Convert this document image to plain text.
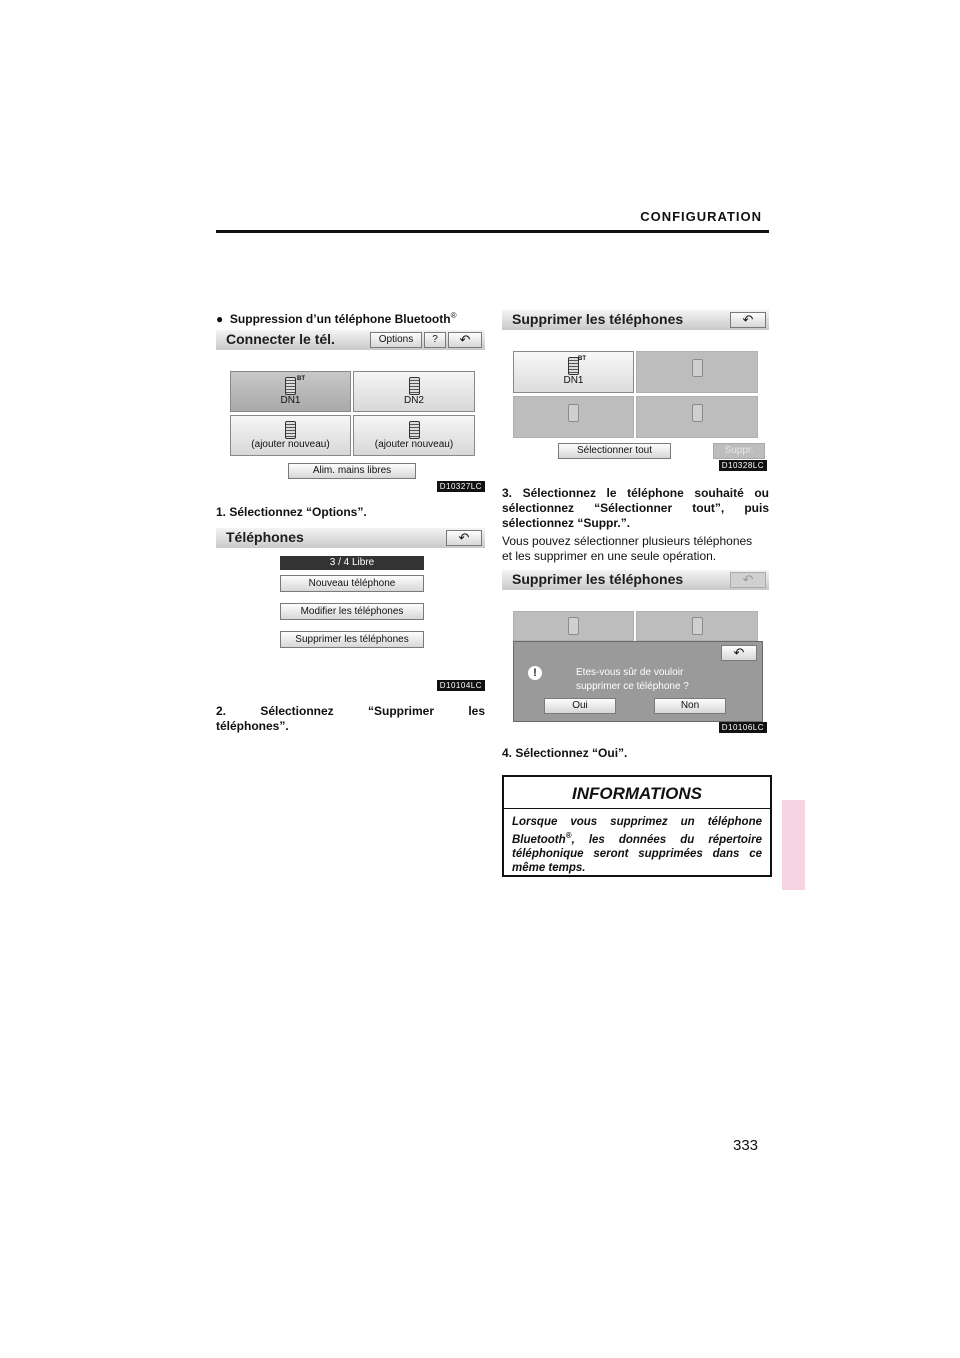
CONFIGURATION
● Suppression d’un téléphone Bluetooth®
Connecter le tél.	Options	?	↶
BT
DN1	DN2
(ajouter nouveau)	(ajouter nouveau)
Alim. mains libres
D10327LC
1. Sélectionnez “Options”.
Téléphones	↶
3 / 4 Libre
Nouveau téléphone
Modifier les téléphones
Supprimer les téléphones
D10104LC
2. Sélectionnez “Supprimer les
téléphones”.
Supprimer les téléphones	↶
BT
DN1
Sélectionner tout	Suppr.
D10328LC
3. Sélectionnez le téléphone souhaité ou
sélectionnez “Sélectionner tout”, puis
sélectionnez “Suppr.”.
Vous pouvez sélectionner plusieurs téléphones
et les supprimer en une seule opération.
Supprimer les téléphones	↶
↶
!	Etes-vous sûr de vouloir
supprimer ce téléphone ?
Oui	Non
D10106LC
4. Sélectionnez “Oui”.
INFORMATIONS
Lorsque vous supprimez un téléphone Bluetooth®, les données du répertoire téléphonique seront supprimées dans ce même temps.
333
